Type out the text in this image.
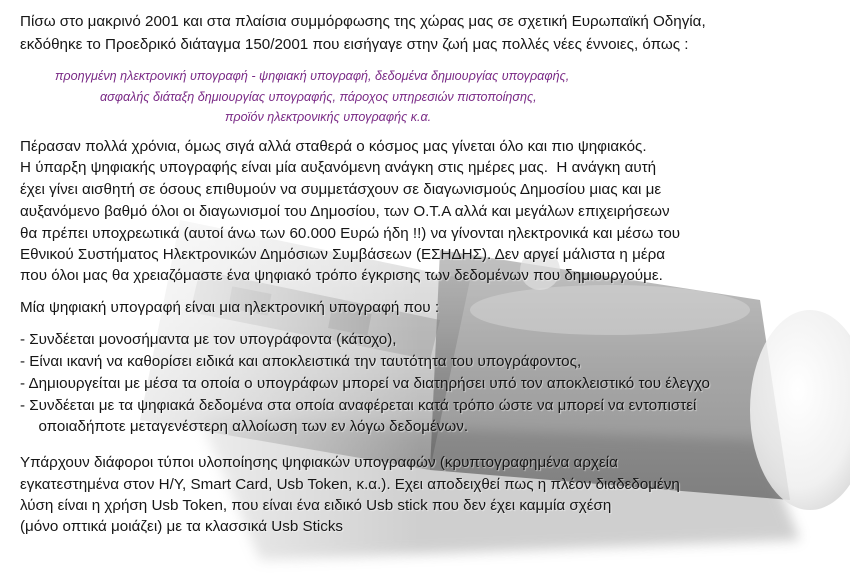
Πίσω στο μακρινό 2001 και στα πλαίσια συμμόρφωσης της χώρας μας σε σχετική Ευρωπαϊκή Οδηγία,
εκδόθηκε το Προεδρικό διάταγμα 150/2001 που εισήγαγε στην ζωή μας πολλές νέες έννοιες, όπως :
προηγμένη ηλεκτρονική υπογραφή - ψηφιακή υπογραφή, δεδομένα δημιουργίας υπογραφής,
ασφαλής διάταξη δημιουργίας υπογραφής, πάροχος υπηρεσιών πιστοποίησης,
προϊόν ηλεκτρονικής υπογραφής κ.α.
Πέρασαν πολλά χρόνια, όμως σιγά αλλά σταθερά ο κόσμος μας γίνεται όλο και πιο ψηφιακός.
Η ύπαρξη ψηφιακής υπογραφής είναι μία αυξανόμενη ανάγκη στις ημέρες μας.  Η ανάγκη αυτή
έχει γίνει αισθητή σε όσους επιθυμούν να συμμετάσχουν σε διαγωνισμούς Δημοσίου μιας και με
αυξανόμενο βαθμό όλοι οι διαγωνισμοί του Δημοσίου, των Ο.Τ.Α αλλά και μεγάλων επιχειρήσεων
θα πρέπει υποχρεωτικά (αυτοί άνω των 60.000 Ευρώ ήδη !!) να γίνονται ηλεκτρονικά και μέσω του
Εθνικού Συστήματος Ηλεκτρονικών Δημόσιων Συμβάσεων (ΕΣΗΔΗΣ). Δεν αργεί μάλιστα η μέρα
που όλοι μας θα χρειαζόμαστε ένα ψηφιακό τρόπο έγκρισης των δεδομένων που δημιουργούμε.
Μία ψηφιακή υπογραφή είναι μια ηλεκτρονική υπογραφή που :
- Συνδέεται μονοσήμαντα με τον υπογράφοντα (κάτοχο),
- Είναι ικανή να καθορίσει ειδικά και αποκλειστικά την ταυτότητα του υπογράφοντος,
- Δημιουργείται με μέσα τα οποία ο υπογράφων μπορεί να διατηρήσει υπό τον αποκλειστικό του έλεγχο
- Συνδέεται με τα ψηφιακά δεδομένα στα οποία αναφέρεται κατά τρόπο ώστε να μπορεί να εντοπιστεί
οποιαδήποτε μεταγενέστερη αλλοίωση των εν λόγω δεδομένων.
Υπάρχουν διάφοροι τύποι υλοποίησης ψηφιακών υπογραφών (κρυπτογραφημένα αρχεία
εγκατεστημένα στον Η/Υ, Smart Card, Usb Token, κ.α.). Εχει αποδειχθεί πως η πλέον διαδεδομένη
λύση είναι η χρήση Usb Token, που είναι ένα ειδικό Usb stick που δεν έχει καμμία σχέση
(μόνο οπτικά μοιάζει) με τα κλασσικά Usb Sticks
